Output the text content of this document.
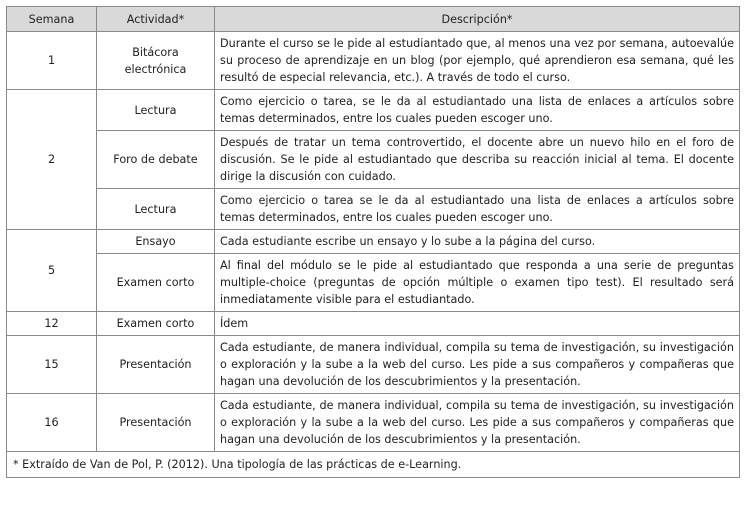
Semana	Actividad*	Descripción*
1	Bitácora electrónica	Durante el curso se le pide al estudiantado que, al menos una vez por semana, autoevalúe su proceso de aprendizaje en un blog (por ejemplo, qué aprendieron esa semana, qué les resultó de especial relevancia, etc.). A través de todo el curso.
2	Lectura	Como ejercicio o tarea, se le da al estudiantado una lista de enlaces a artículos sobre temas determinados, entre los cuales pueden escoger uno.
	Foro de debate	Después de tratar un tema controvertido, el docente abre un nuevo hilo en el foro de discusión. Se le pide al estudiantado que describa su reacción inicial al tema. El docente dirige la discusión con cuidado.
	Lectura	Como ejercicio o tarea se le da al estudiantado una lista de enlaces a artículos sobre temas determinados, entre los cuales pueden escoger uno.
5	Ensayo	Cada estudiante escribe un ensayo y lo sube a la página del curso.
	Examen corto	Al final del módulo se le pide al estudiantado que responda a una serie de preguntas multiple-choice (preguntas de opción múltiple o examen tipo test). El resultado será inmediatamente visible para el estudiantado.
12	Examen corto	Ídem
15	Presentación	Cada estudiante, de manera individual, compila su tema de investigación, su investigación o exploración y la sube a la web del curso. Les pide a sus compañeros y compañeras que hagan una devolución de los descubrimientos y la presentación.
16	Presentación	Cada estudiante, de manera individual, compila su tema de investigación, su investigación o exploración y la sube a la web del curso. Les pide a sus compañeros y compañeras que hagan una devolución de los descubrimientos y la presentación.
* Extraído de Van de Pol, P. (2012). Una tipología de las prácticas de e-Learning.		
